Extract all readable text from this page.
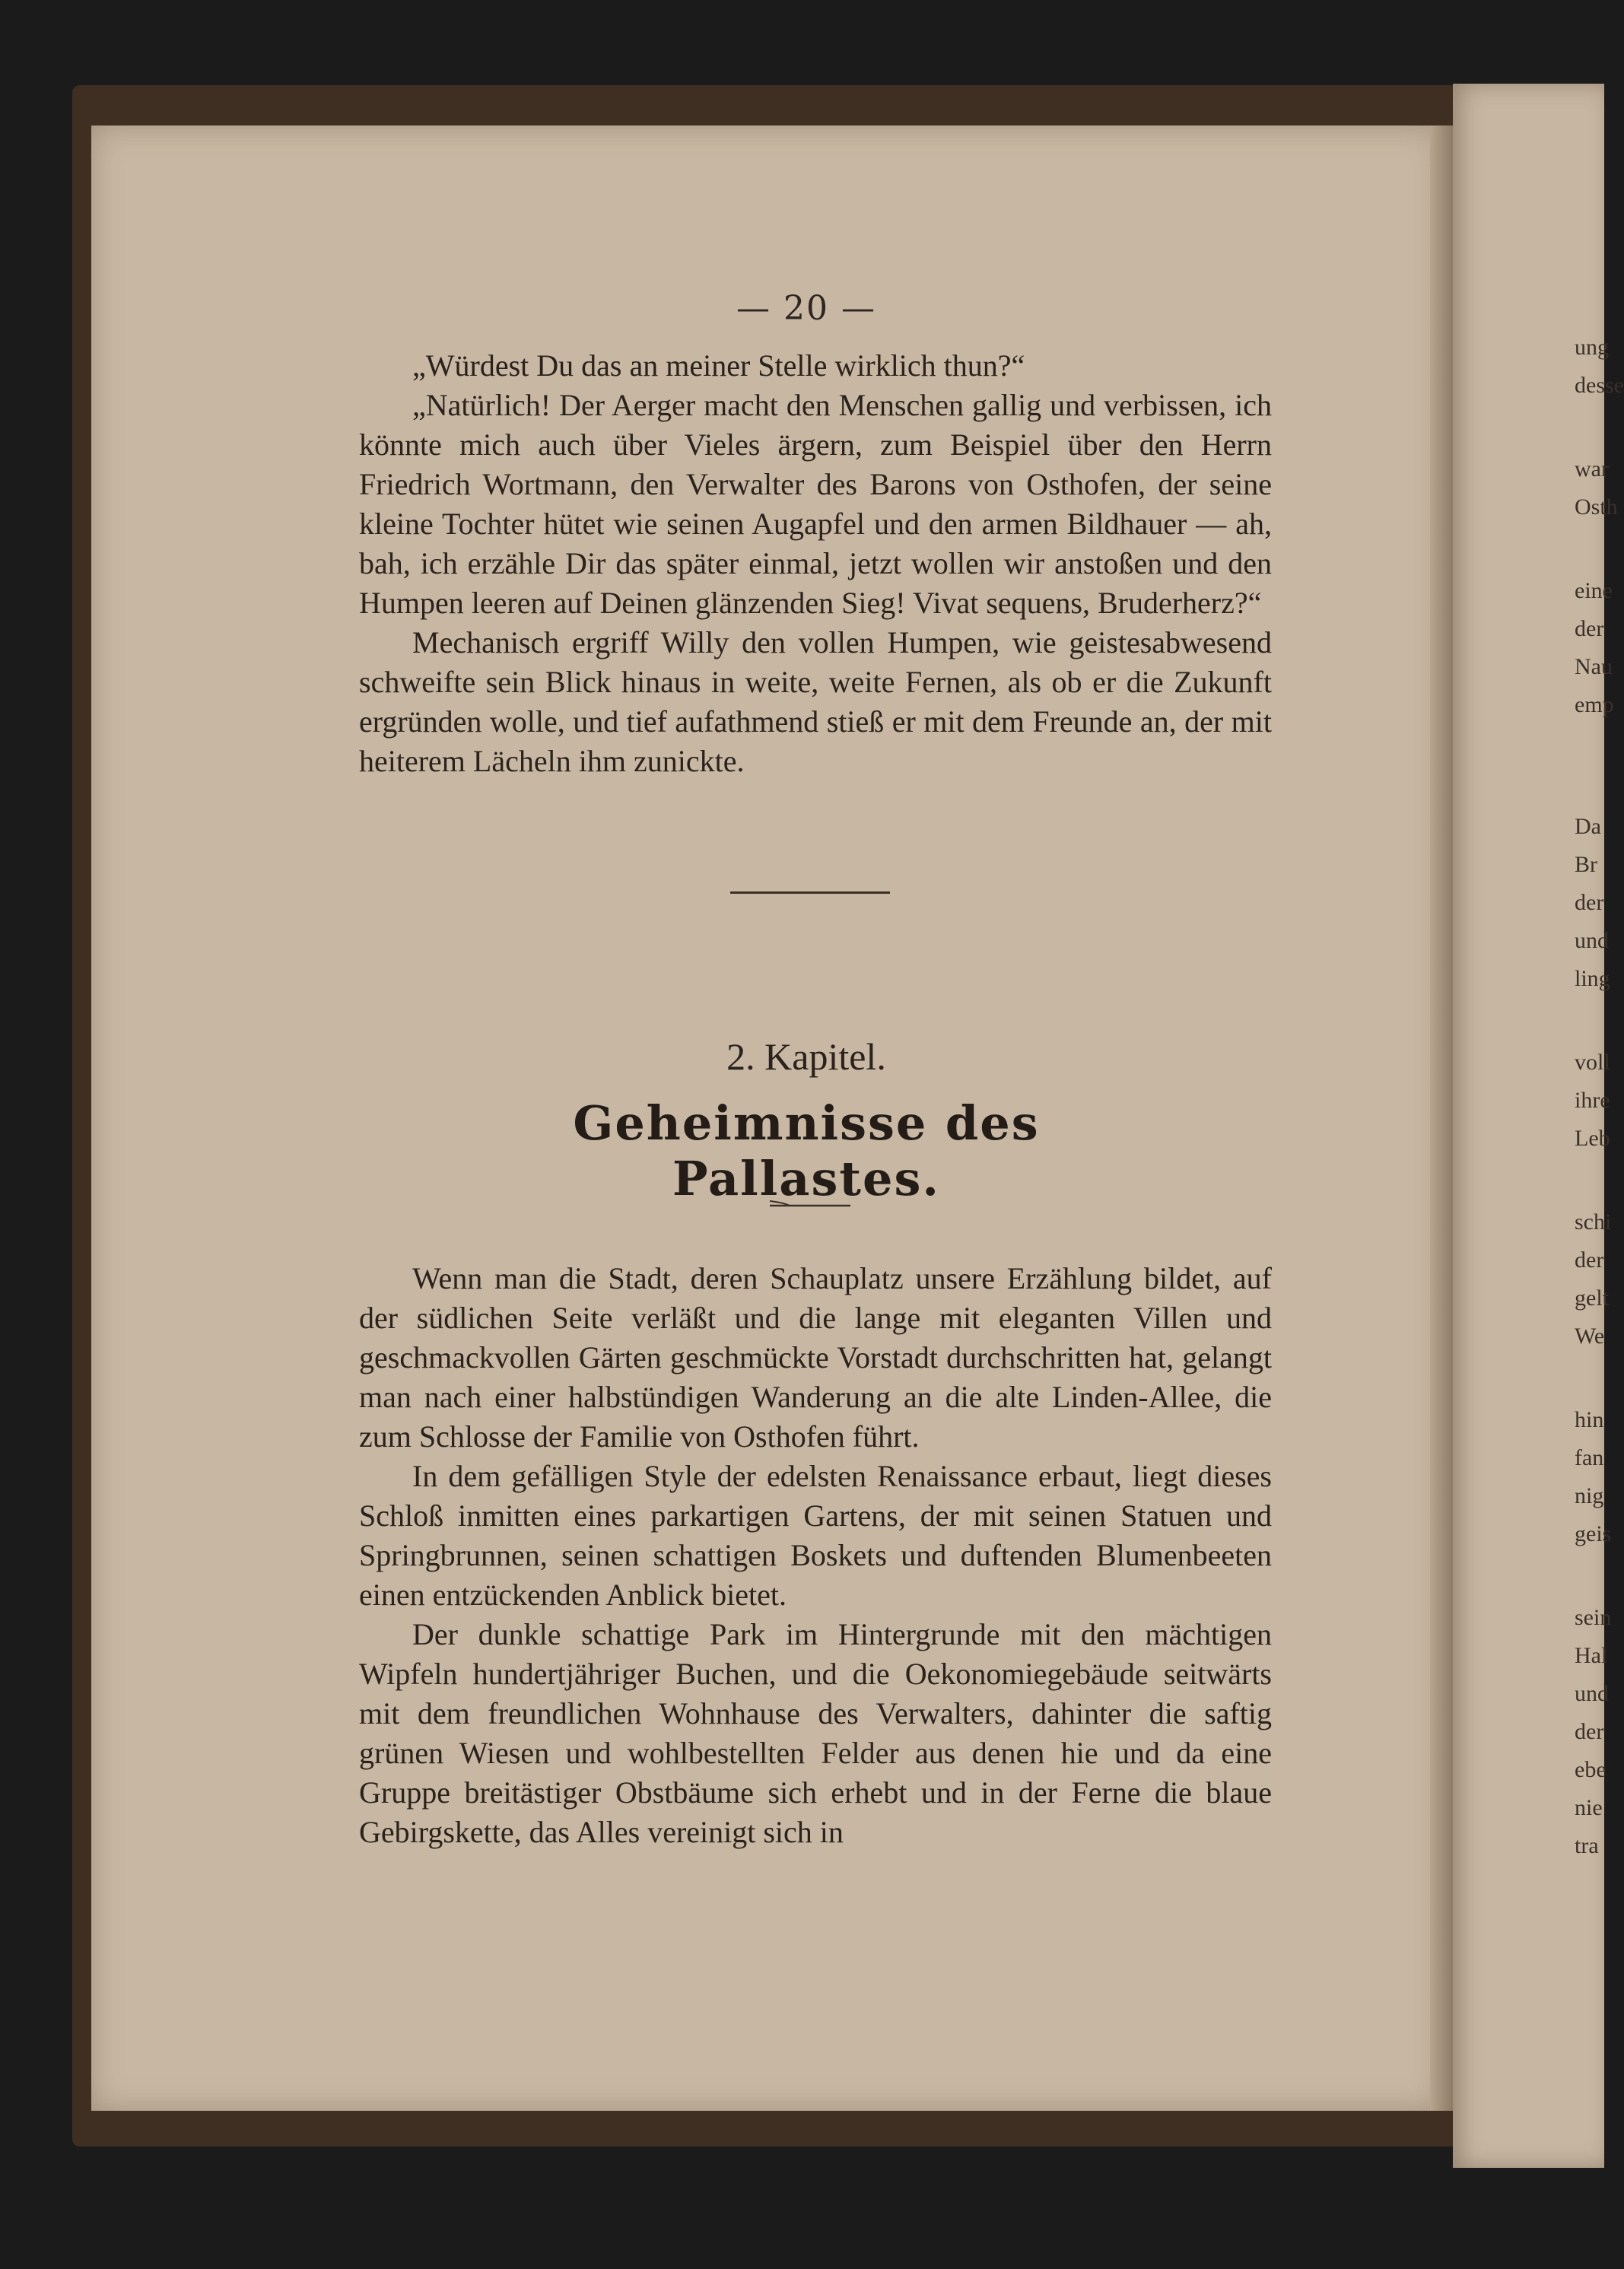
ung
desse
war
Osth
eine
der
Nau
emp
Da
Br
der
und
ling
voll
ihre
Leb
schi
der
gelt
We
hin
fan
nig
geis
sein
Hal
und
der
ebe
nie
tra
— 20 —

„Würdest Du das an meiner Stelle wirklich thun?“

„Natürlich! Der Aerger macht den Menschen gallig und verbissen, ich könnte mich auch über Vieles ärgern, zum Beispiel über den Herrn Friedrich Wortmann, den Verwalter des Barons von Osthofen, der seine kleine Tochter hütet wie seinen Augapfel und den armen Bildhauer — ah, bah, ich erzähle Dir das später einmal, jetzt wollen wir anstoßen und den Humpen leeren auf Deinen glänzenden Sieg! Vivat sequens, Bruderherz?“

Mechanisch ergriff Willy den vollen Humpen, wie geistesabwesend schweifte sein Blick hinaus in weite, weite Fernen, als ob er die Zukunft ergründen wolle, und tief aufathmend stieß er mit dem Freunde an, der mit heiterem Lächeln ihm zunickte.

2. Kapitel.
Geheimnisse des Pallastes.

Wenn man die Stadt, deren Schauplatz unsere Erzählung bildet, auf der südlichen Seite verläßt und die lange mit eleganten Villen und geschmackvollen Gärten geschmückte Vorstadt durchschritten hat, gelangt man nach einer halbstündigen Wanderung an die alte Linden-Allee, die zum Schlosse der Familie von Osthofen führt.

In dem gefälligen Style der edelsten Renaissance erbaut, liegt dieses Schloß inmitten eines parkartigen Gartens, der mit seinen Statuen und Springbrunnen, seinen schattigen Boskets und duftenden Blumenbeeten einen entzückenden Anblick bietet.

Der dunkle schattige Park im Hintergrunde mit den mächtigen Wipfeln hundertjähriger Buchen, und die Oekonomiegebäude seitwärts mit dem freundlichen Wohnhause des Verwalters, dahinter die saftig grünen Wiesen und wohlbestellten Felder aus denen hie und da eine Gruppe breitästiger Obstbäume sich erhebt und in der Ferne die blaue Gebirgskette, das Alles vereinigt sich in
